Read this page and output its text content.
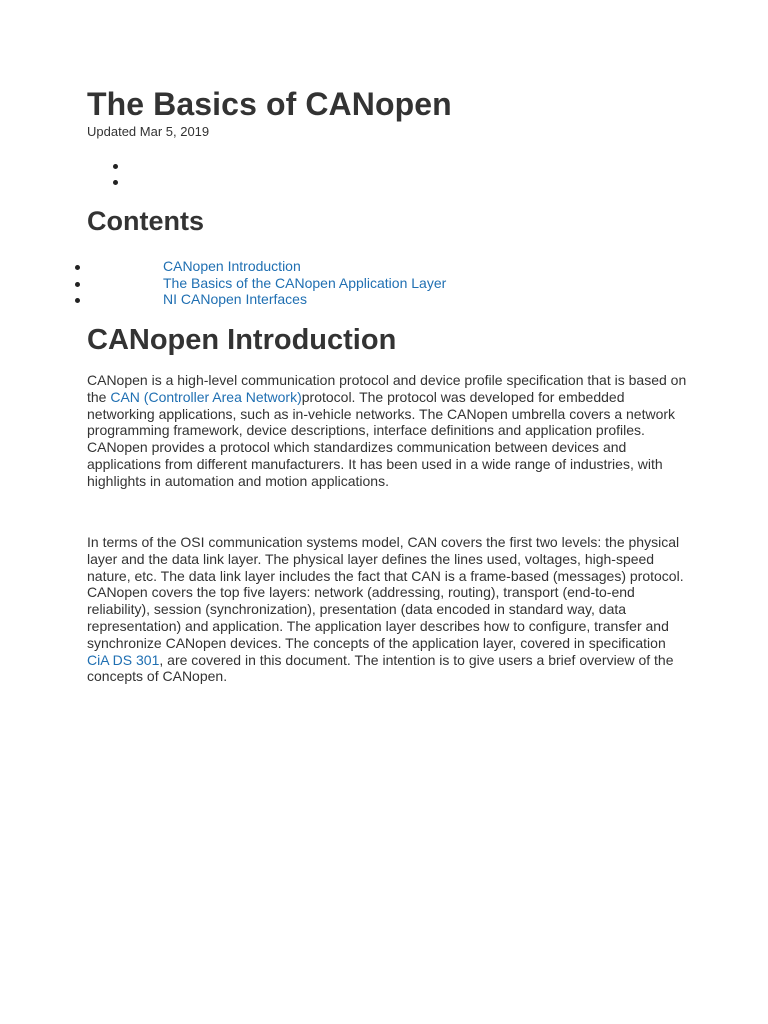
The Basics of CANopen
Updated Mar 5, 2019
Contents
CANopen Introduction
The Basics of the CANopen Application Layer
NI CANopen Interfaces
CANopen Introduction

CANopen is a high-level communication protocol and device profile specification that is based on the CAN (Controller Area Network)protocol. The protocol was developed for embedded networking applications, such as in-vehicle networks. The CANopen umbrella covers a network programming framework, device descriptions, interface definitions and application profiles. CANopen provides a protocol which standardizes communication between devices and applications from different manufacturers. It has been used in a wide range of industries, with highlights in automation and motion applications.

In terms of the OSI communication systems model, CAN covers the first two levels: the physical layer and the data link layer. The physical layer defines the lines used, voltages, high-speed nature, etc. The data link layer includes the fact that CAN is a frame-based (messages) protocol. CANopen covers the top five layers: network (addressing, routing), transport (end-to-end reliability), session (synchronization), presentation (data encoded in standard way, data representation) and application. The application layer describes how to configure, transfer and synchronize CANopen devices. The concepts of the application layer, covered in specification CiA DS 301, are covered in this document. The intention is to give users a brief overview of the concepts of CANopen.
